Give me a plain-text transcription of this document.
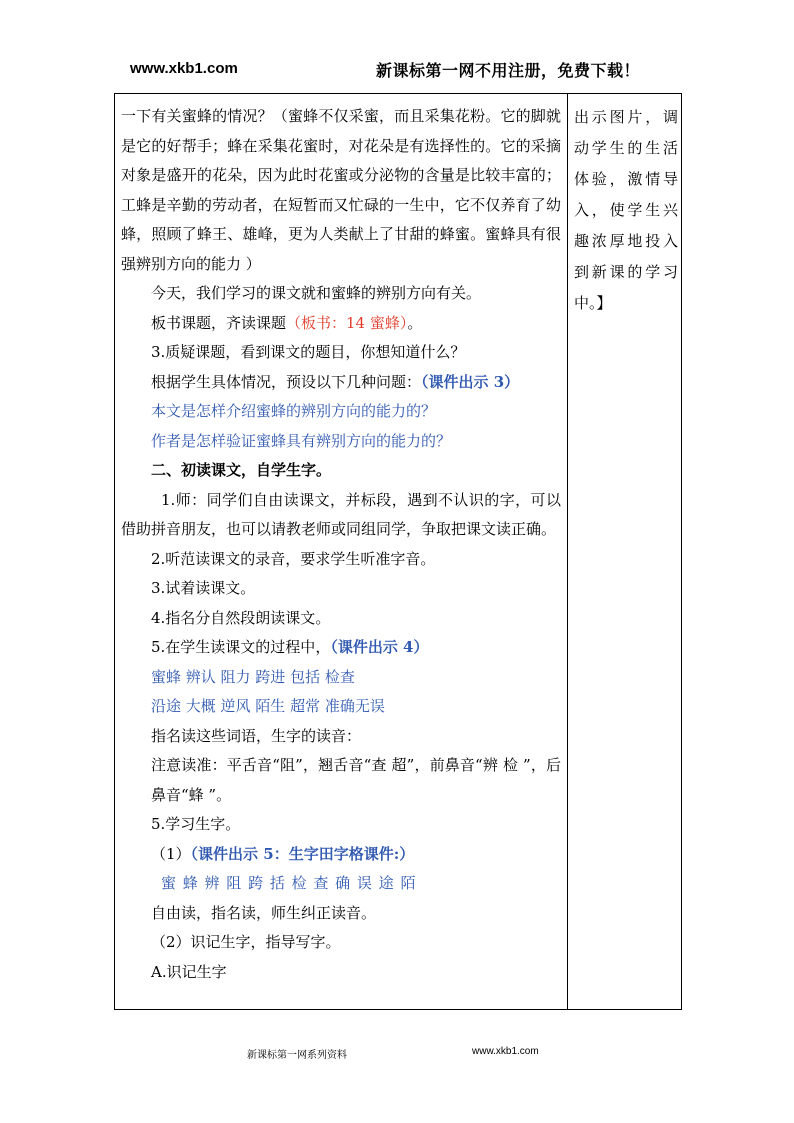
www.xkb1.com	新课标第一网不用注册，免费下载！

一下有关蜜蜂的情况？（蜜蜂不仅采蜜，而且采集花粉。它的脚就是它的好帮手；蜂在采集花蜜时，对花朵是有选择性的。它的采摘对象是盛开的花朵，因为此时花蜜或分泌物的含量是比较丰富的；工蜂是辛勤的劳动者，在短暂而又忙碌的一生中，它不仅养育了幼蜂，照顾了蜂王、雄峰，更为人类献上了甘甜的蜂蜜。蜜蜂具有很强辨别方向的能力 ）

今天，我们学习的课文就和蜜蜂的辨别方向有关。

板书课题，齐读课题（板书：14 蜜蜂）。

3.质疑课题，看到课文的题目，你想知道什么？

根据学生具体情况，预设以下几种问题：（课件出示 3）

本文是怎样介绍蜜蜂的辨别方向的能力的？

作者是怎样验证蜜蜂具有辨别方向的能力的？

二、初读课文，自学生字。

1.师：同学们自由读课文，并标段，遇到不认识的字，可以借助拼音朋友，也可以请教老师或同组同学，争取把课文读正确。

2.听范读课文的录音，要求学生听准字音。

3.试着读课文。

4.指名分自然段朗读课文。

5.在学生读课文的过程中，（课件出示 4）

蜜蜂 辨认 阻力 跨进 包括 检查

沿途 大概 逆风 陌生 超常 准确无误

指名读这些词语，生字的读音：

注意读准：平舌音“阻”，翘舌音“查 超”，前鼻音“辨 检 ”，后鼻音“蜂 ”。

5.学习生字。

（1）（课件出示 5：生字田字格课件:）

蜜 蜂 辨 阻 跨 括 检 查 确 误 途 陌

自由读，指名读，师生纠正读音。

（2）识记生字，指导写字。

A.识记生字

出示图片，调动学生的生活体验，激情导入，使学生兴趣浓厚地投入到新课的学习中。】
新课标第一网系列资料	www.xkb1.com
